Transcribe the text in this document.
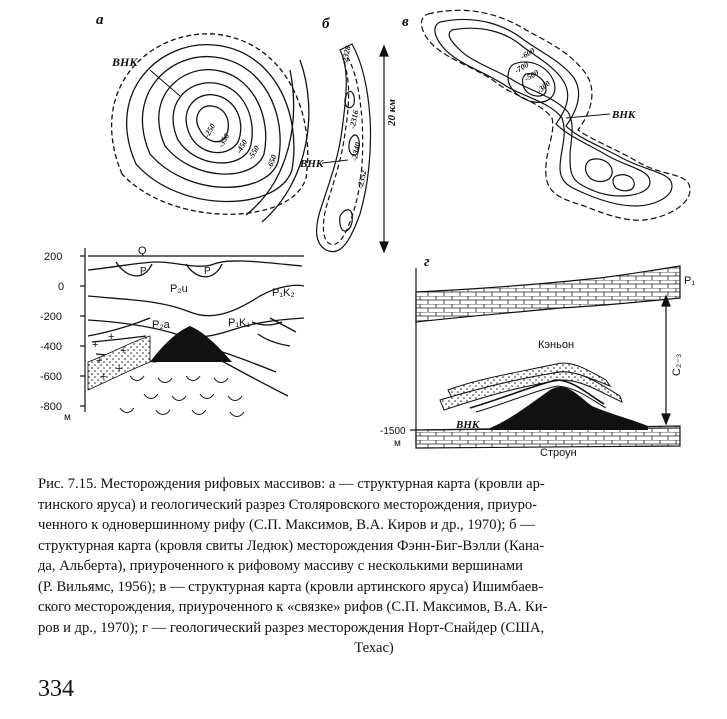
а
ВНК
-250
-350 -450
-550
-650
б
ВНК
-2328
-2316
-2340
-2352
20 км
в
ВНК
-600
-700
-500
-300
200
0
-200
-400
-600
-800
м
+
+
+
+
+
+
Q
P	P
P₂u	P₁K₂
P₂a	P₁K₁
г
-1500
м
P₁
C₂₋₃
Кэньон
ВНК
Строун
Рис. 7.15. Месторождения рифовых массивов: а — структурная карта (кровли ар-
тинского яруса) и геологический разрез Столяровского месторождения, приуро-
ченного к одновершинному рифу (С.П. Максимов, В.А. Киров и др., 1970); б —
структурная карта (кровля свиты Ледюк) месторождения Фэнн-Биг-Вэлли (Кана-
да, Альберта), приуроченного к рифовому массиву с несколькими вершинами
(Р. Вильямс, 1956); в — структурная карта (кровли артинского яруса) Ишимбаев-
ского месторождения, приуроченного к «связке» рифов (С.П. Максимов, В.А. Ки-
ров и др., 1970); г — геологический разрез месторождения Норт-Снайдер (США,
Техас)
334
